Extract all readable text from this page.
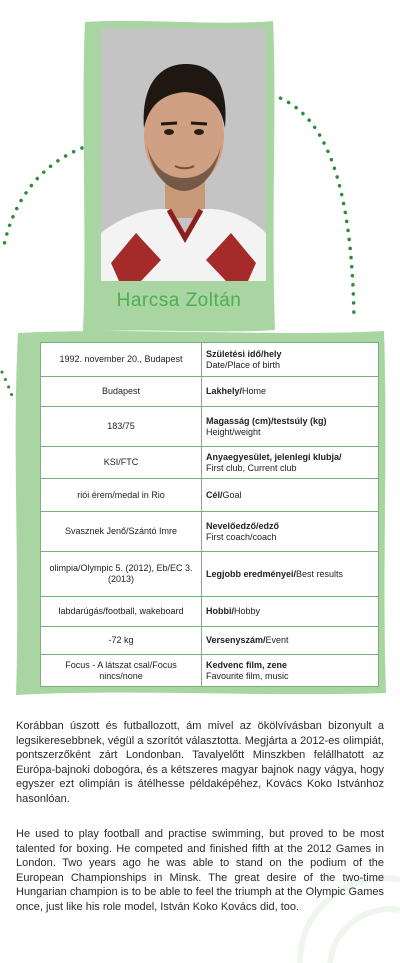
Harcsa Zoltán
1992. november 20., Budapest	Születési idő/hely
Date/Place of birth
Budapest	Lakhely/Home
183/75	Magasság (cm)/testsúly (kg)
Height/weight
KSI/FTC	Anyaegyesület, jelenlegi klubja/
First club, Current club
riói érem/medal in Rio	Cél/Goal
Svasznek Jenő/Szántó Imre	Nevelőedző/edző
First coach/coach
olimpia/Olympic 5. (2012), Eb/EC 3. (2013)	Legjobb eredményei/Best results
labdarúgás/football, wakeboard	Hobbi/Hobby
-72 kg	Versenyszám/Event
Focus - A látszat csal/Focus nincs/none	Kedvenc film, zene
Favourite film, music
Korábban úszott és futballozott, ám mivel az ökölvívásban bizonyult a legsikeresebbnek, végül a szorítót választotta. Megjárta a 2012-es olimpiát, pontszerzőként zárt Londonban. Tavalyelőtt Minszkben felállhatott az Európa-bajnoki dobogóra, és a kétszeres magyar bajnok nagy vágya, hogy egyszer ezt olimpián is átélhesse példaképéhez, Kovács Koko Istvánhoz hasonlóan.
He used to play football and practise swimming, but proved to be most talented for boxing. He competed and finished fifth at the 2012 Games in London. Two years ago he was able to stand on the podium of the European Championships in Minsk. The great desire of the two-time Hungarian champion is to be able to feel the triumph at the Olympic Games once, just like his role model, István Koko Kovács did, too.
